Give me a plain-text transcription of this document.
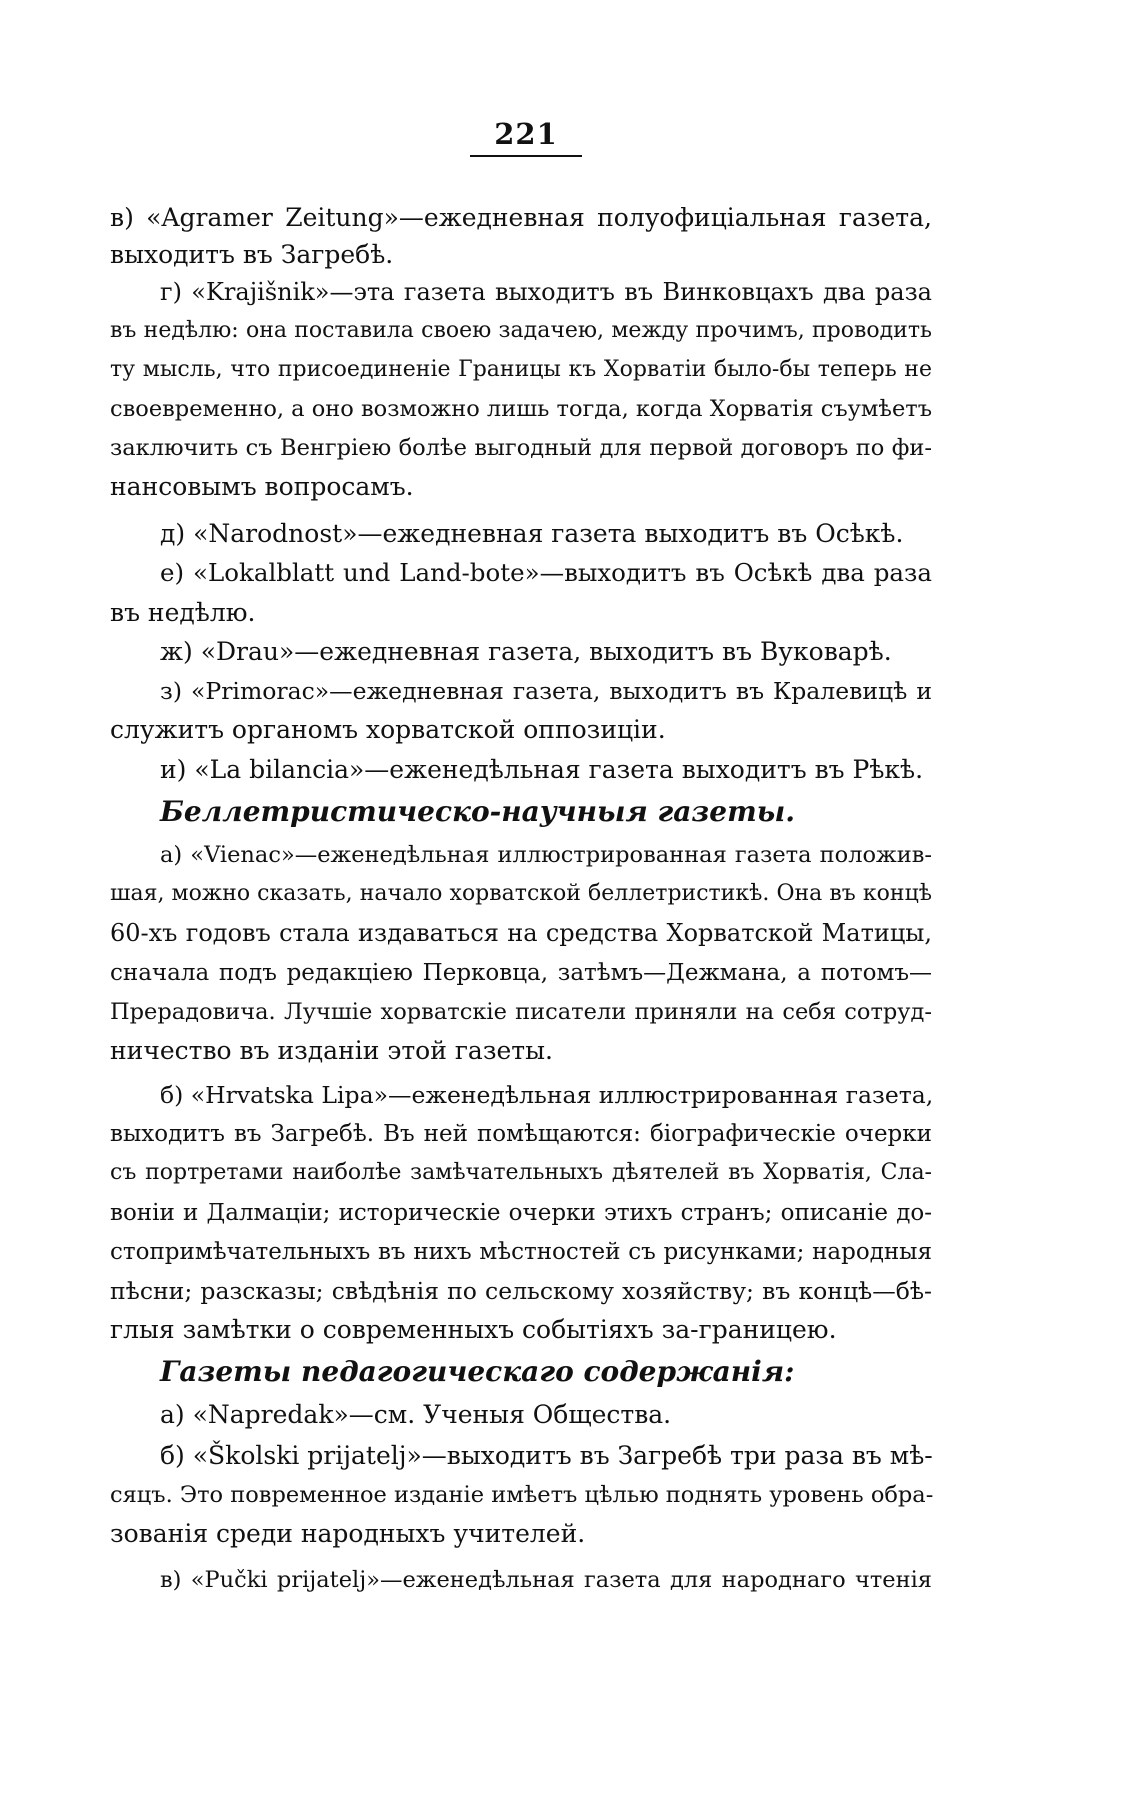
221
в) «Agramer Zeitung»—ежедневная полуофиціальная газета,
выходитъ въ Загребѣ.
г) «Krajišnik»—эта газета выходитъ въ Винковцахъ два раза
въ недѣлю: она поставила своею задачею, между прочимъ, проводить
ту мысль, что присоединеніе Границы къ Хорватіи было-бы теперь не
своевременно, а оно возможно лишь тогда, когда Хорватія съумѣетъ
заключить съ Венгріею болѣе выгодный для первой договоръ по фи-
нансовымъ вопросамъ.
д) «Narodnost»—ежедневная газета выходитъ въ Осѣкѣ.
е) «Lokalblatt und Land-bote»—выходитъ въ Осѣкѣ два раза
въ недѣлю.
ж) «Drau»—ежедневная газета, выходитъ въ Вуковарѣ.
з) «Primorac»—ежедневная газета, выходитъ въ Кралевицѣ и
служитъ органомъ хорватской оппозиціи.
и) «La bilancia»—еженедѣльная газета выходитъ въ Рѣкѣ.
Беллетристическо-научныя газеты.
а) «Vienac»—еженедѣльная иллюстрированная газета положив-
шая, можно сказать, начало хорватской беллетристикѣ. Она въ концѣ
60-хъ годовъ стала издаваться на средства Хорватской Матицы,
сначала подъ редакціею Перковца, затѣмъ—Дежмана, а потомъ—
Прерадовича. Лучшіе хорватскіе писатели приняли на себя сотруд-
ничество въ изданіи этой газеты.
б) «Hrvatska Lipa»—еженедѣльная иллюстрированная газета,
выходитъ въ Загребѣ. Въ ней помѣщаются: біографическіе очерки
съ портретами наиболѣе замѣчательныхъ дѣятелей въ Хорватія, Сла-
воніи и Далмаціи; историческіе очерки этихъ странъ; описаніе до-
стопримѣчательныхъ въ нихъ мѣстностей съ рисунками; народныя
пѣсни; разсказы; свѣдѣнія по сельскому хозяйству; въ концѣ—бѣ-
глыя замѣтки о современныхъ событіяхъ за-границею.
Газеты педагогическаго содержанія:
а) «Napredak»—см. Ученыя Общества.
б) «Školski prijatelj»—выходитъ въ Загребѣ три раза въ мѣ-
сяцъ. Это повременное изданіе имѣетъ цѣлью поднять уровень обра-
зованія среди народныхъ учителей.
в) «Pučki prijatelj»—еженедѣльная газета для народнаго чтенія
